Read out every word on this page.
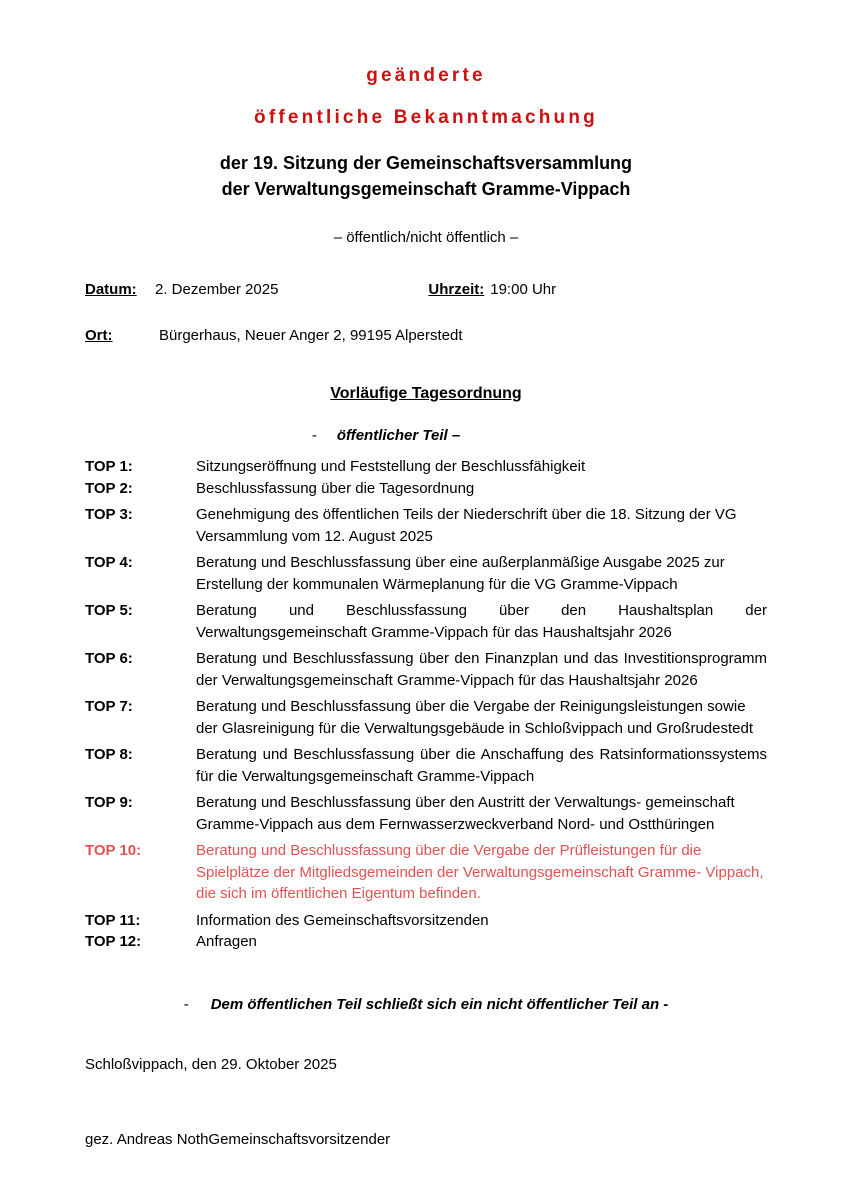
geänderte
öffentliche Bekanntmachung
der 19. Sitzung der Gemeinschaftsversammlung
der Verwaltungsgemeinschaft Gramme-Vippach
– öffentlich/nicht öffentlich –
Datum: 2. Dezember 2025	Uhrzeit: 19:00 Uhr
Ort:	Bürgerhaus, Neuer Anger 2, 99195 Alperstedt
Vorläufige Tagesordnung
- öffentlicher Teil –
TOP 1:	Sitzungseröffnung und Feststellung der Beschlussfähigkeit
TOP 2:	Beschlussfassung über die Tagesordnung
TOP 3:	Genehmigung des öffentlichen Teils der Niederschrift über die 18. Sitzung der VG Versammlung vom 12. August 2025
TOP 4:	Beratung und Beschlussfassung über eine außerplanmäßige Ausgabe 2025 zur Erstellung der kommunalen Wärmeplanung für die VG Gramme-Vippach
TOP 5:	Beratung und Beschlussfassung über den Haushaltsplan der Verwaltungsgemeinschaft Gramme-Vippach für das Haushaltsjahr 2026
TOP 6:	Beratung und Beschlussfassung über den Finanzplan und das Investitionsprogramm der Verwaltungsgemeinschaft Gramme-Vippach für das Haushaltsjahr 2026
TOP 7:	Beratung und Beschlussfassung über die Vergabe der Reinigungsleistungen sowie der Glasreinigung für die Verwaltungsgebäude in Schloßvippach und Großrudestedt
TOP 8:	Beratung und Beschlussfassung über die Anschaffung des Ratsinformationssystems für die Verwaltungsgemeinschaft Gramme-Vippach
TOP 9:	Beratung und Beschlussfassung über den Austritt der Verwaltungs- gemeinschaft Gramme-Vippach aus dem Fernwasserzweckverband Nord- und Ostthüringen
TOP 10:	Beratung und Beschlussfassung über die Vergabe der Prüfleistungen für die Spielplätze der Mitgliedsgemeinden der Verwaltungsgemeinschaft Gramme- Vippach, die sich im öffentlichen Eigentum befinden.
TOP 11:	Information des Gemeinschaftsvorsitzenden
TOP 12:	Anfragen
- Dem öffentlichen Teil schließt sich ein nicht öffentlicher Teil an -
Schloßvippach, den 29. Oktober 2025
gez. Andreas NothGemeinschaftsvorsitzender
